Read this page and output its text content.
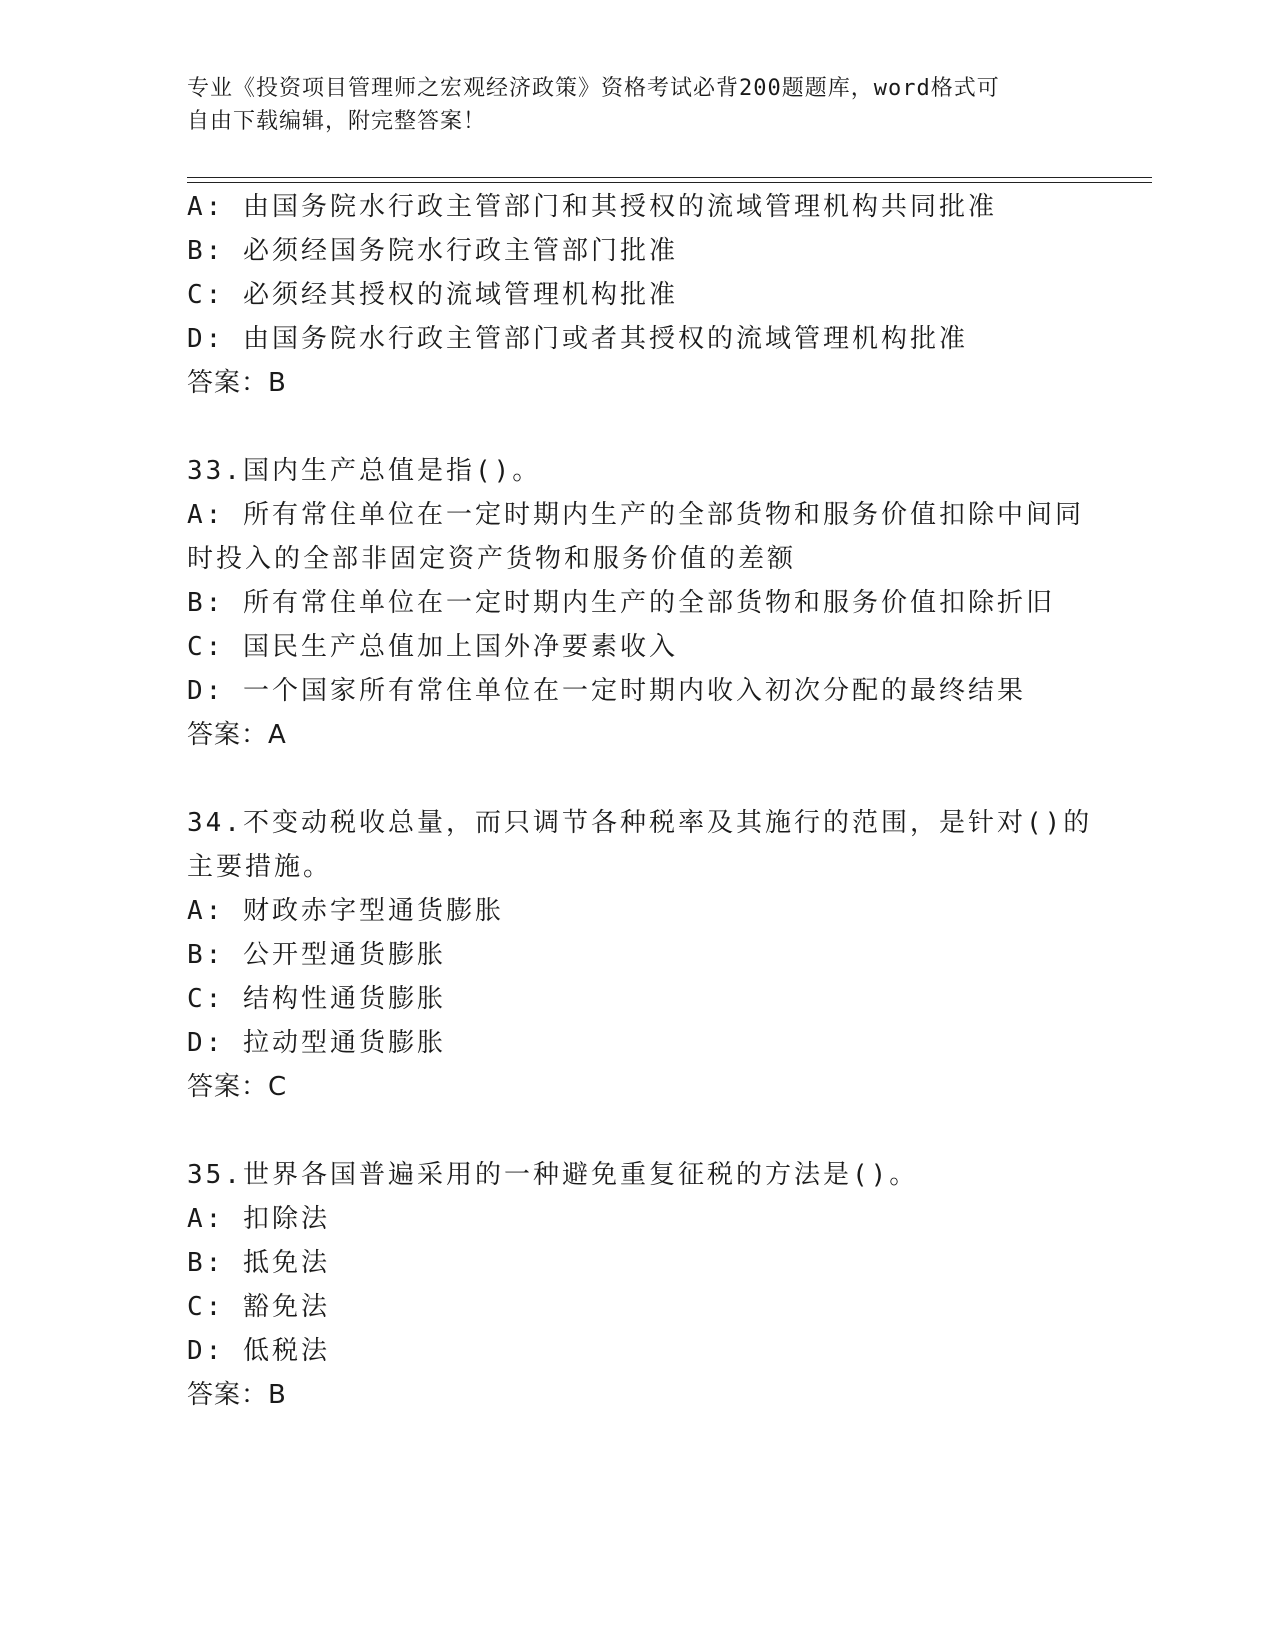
专业《投资项目管理师之宏观经济政策》资格考试必背200题题库，word格式可
自由下载编辑，附完整答案！
A: 由国务院水行政主管部门和其授权的流域管理机构共同批准
B: 必须经国务院水行政主管部门批准
C: 必须经其授权的流域管理机构批准
D: 由国务院水行政主管部门或者其授权的流域管理机构批准
答案：B
33.国内生产总值是指()。
A: 所有常住单位在一定时期内生产的全部货物和服务价值扣除中间同
时投入的全部非固定资产货物和服务价值的差额
B: 所有常住单位在一定时期内生产的全部货物和服务价值扣除折旧
C: 国民生产总值加上国外净要素收入
D: 一个国家所有常住单位在一定时期内收入初次分配的最终结果
答案：A
34.不变动税收总量，而只调节各种税率及其施行的范围，是针对()的
主要措施。
A: 财政赤字型通货膨胀
B: 公开型通货膨胀
C: 结构性通货膨胀
D: 拉动型通货膨胀
答案：C
35.世界各国普遍采用的一种避免重复征税的方法是()。
A: 扣除法
B: 抵免法
C: 豁免法
D: 低税法
答案：B
